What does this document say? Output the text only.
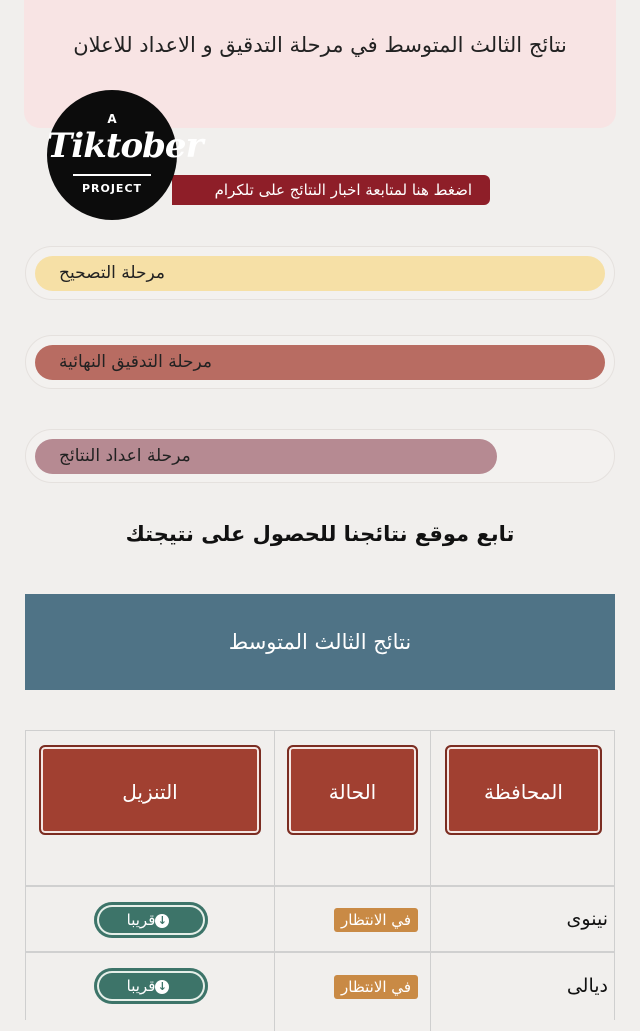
نتائج الثالث المتوسط في مرحلة التدقيق و الاعداد للاعلان
اضغط هنا لمتابعة اخبار النتائج على تلكرام
A
Tiktober
PROJECT
مرحلة التصحيح
مرحلة التدقيق النهائية
مرحلة اعداد النتائج
تابع موقع نتائجنا للحصول على نتيجتك
نتائج الثالث المتوسط
المحافظة
الحالة
التنزيل
نينوى
في الانتظار
↓قريبا
ديالى
في الانتظار
↓قريبا
